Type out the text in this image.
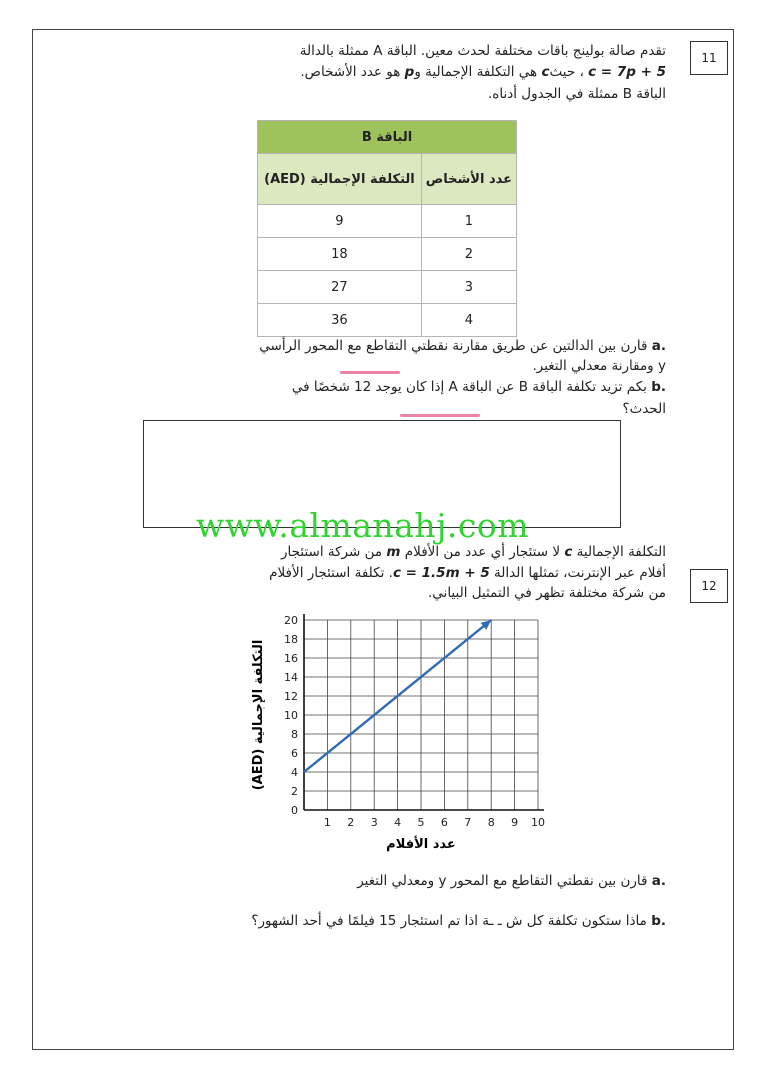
11
تقدم صالة بولينج باقات مختلفة لحدث معين. الباقة A ممثلة بالدالة
c = 7p + 5 ، حيثc هي التكلفة الإجمالية وp هو عدد الأشخاص.
الباقة B ممثلة في الجدول أدناه.
الباقة B	
عدد الأشخاص	التكلفة الإجمالية (AED)
1	9
2	18
3	27
4	36
a. قارن بين الدالتين عن طريق مقارنة نقطتي التقاطع مع المحور الرأسي
y ومقارنة معدلي التغير.
b. بكم تزيد تكلفة الباقة B عن الباقة A إذا كان يوجد 12 شخصًا في
الحدث؟
www.almanahj.com
12
التكلفة الإجمالية c لا ستئجار أي عدد من الأفلام m من شركة استئجار
أفلام عبر الإنترنت، تمثلها الدالة c = 1.5m + 5. تكلفة استئجار الأفلام
من شركة مختلفة تظهر في التمثيل البياني.
0
2
4
6
8
10
12
14
16
18
20
1 2 3 4 5 6 7 8 9 10
عدد الأفلام
التكلفة الإجمالية (AED)
a. قارن بين نقطتي التقاطع مع المحور y ومعدلي التغير
b. ماذا ستكون تكلفة كل ش ـ ـة اذا تم استئجار 15 فيلمًا في أحد الشهور؟
